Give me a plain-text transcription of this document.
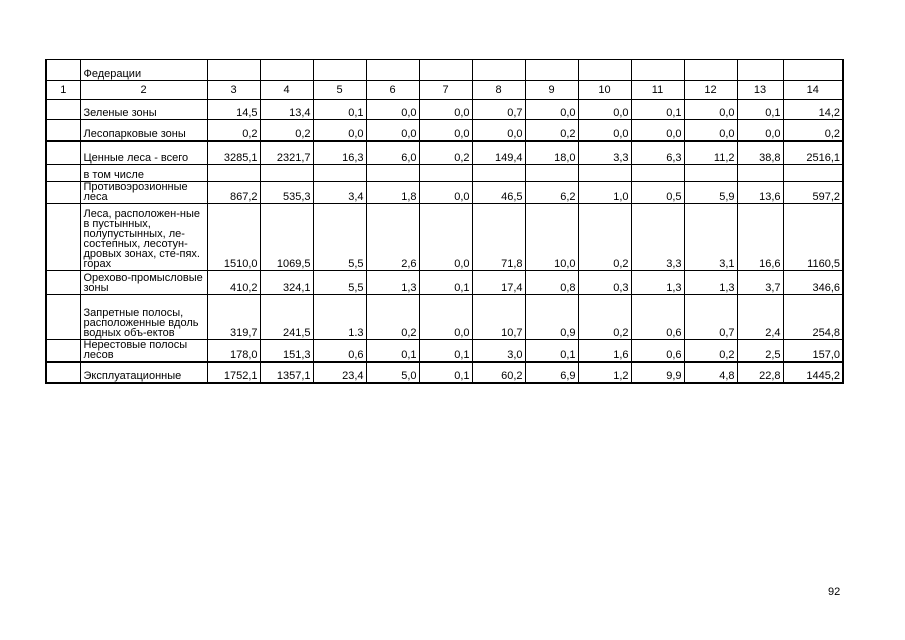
	Федерации												
1	2	3	4	5	6	7	8	9	10	11	12	13	14
	Зеленые зоны	14,5	13,4	0,1	0,0	0,0	0,7	0,0	0,0	0,1	0,0	0,1	14,2
	Лесопарковые зоны	0,2	0,2	0,0	0,0	0,0	0,0	0,2	0,0	0,0	0,0	0,0	0,2
	Ценные леса - всего	3285,1	2321,7	16,3	6,0	0,2	149,4	18,0	3,3	6,3	11,2	38,8	2516,1
	в том числе												
	Противоэрозионные леса	867,2	535,3	3,4	1,8	0,0	46,5	6,2	1,0	0,5	5,9	13,6	597,2
	Леса, расположен-ные в пустынных, полупустынных, ле-состепных, лесотун-дровых зонах, сте-пях. горах	1510,0	1069,5	5,5	2,6	0,0	71,8	10,0	0,2	3,3	3,1	16,6	1160,5
	Орехово-промысловые зоны	410,2	324,1	5,5	1,3	0,1	17,4	0,8	0,3	1,3	1,3	3,7	346,6
	Запретные полосы, расположенные вдоль водных объ-ектов	319,7	241,5	1.3	0,2	0,0	10,7	0,9	0,2	0,6	0,7	2,4	254,8
	Нерестовые полосы лесов	178,0	151,3	0,6	0,1	0,1	3,0	0,1	1,6	0,6	0,2	2,5	157,0
	Эксплуатационные	1752,1	1357,1	23,4	5,0	0,1	60,2	6,9	1,2	9,9	4,8	22,8	1445,2
92
